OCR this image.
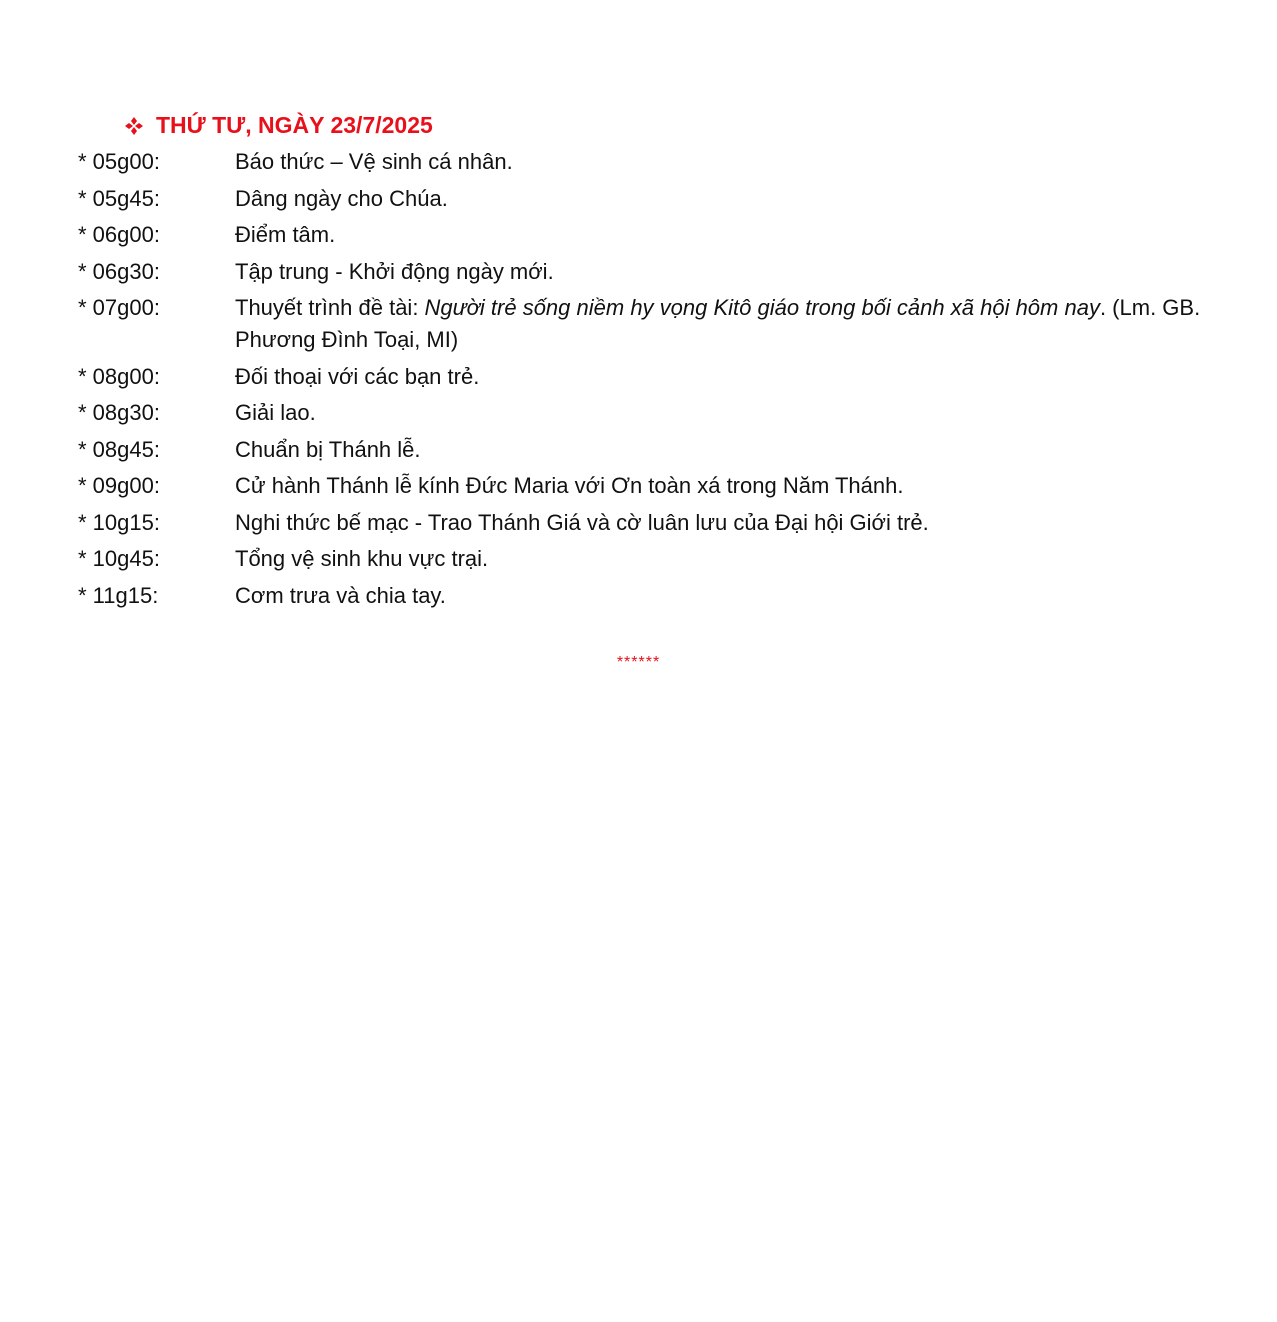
THỨ TƯ, NGÀY 23/7/2025
* 05g00:	Báo thức – Vệ sinh cá nhân.
* 05g45:	Dâng ngày cho Chúa.
* 06g00:	Điểm tâm.
* 06g30:	Tập trung - Khởi động ngày mới.
* 07g00:	Thuyết trình đề tài: Người trẻ sống niềm hy vọng Kitô giáo trong bối cảnh xã hội hôm nay. (Lm. GB. Phương Đình Toại, MI)
* 08g00:	Đối thoại với các bạn trẻ.
* 08g30:	Giải lao.
* 08g45:	Chuẩn bị Thánh lễ.
* 09g00:	Cử hành Thánh lễ kính Đức Maria với Ơn toàn xá trong Năm Thánh.
* 10g15:	Nghi thức bế mạc - Trao Thánh Giá và cờ luân lưu của Đại hội Giới trẻ.
* 10g45:	Tổng vệ sinh khu vực trại.
* 11g15:	Cơm trưa và chia tay.
******
